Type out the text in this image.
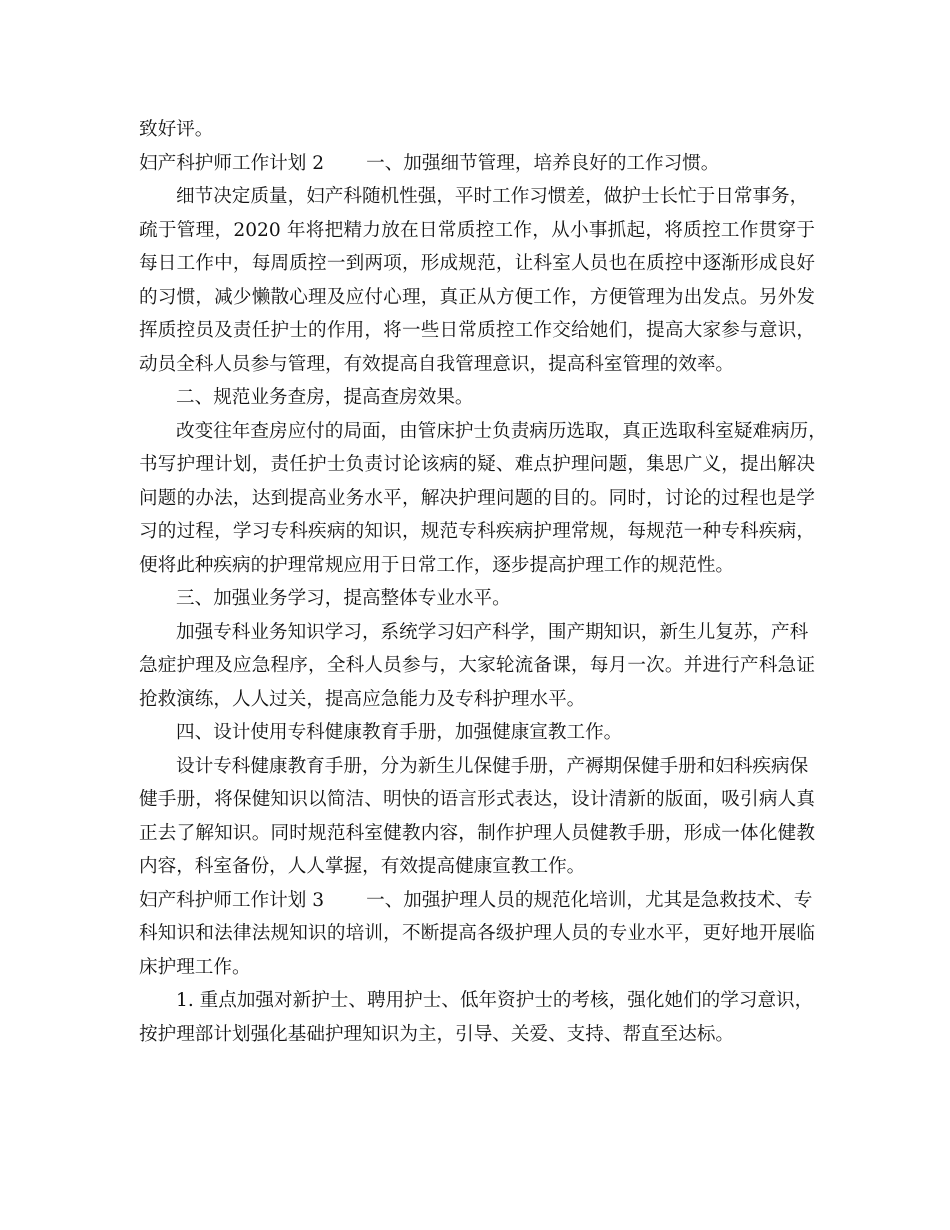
致好评。
妇产科护师工作计划 2 一、加强细节管理，培养良好的工作习惯。
细节决定质量，妇产科随机性强，平时工作习惯差，做护士长忙于日常事务，
疏于管理，2020 年将把精力放在日常质控工作，从小事抓起，将质控工作贯穿于
每日工作中，每周质控一到两项，形成规范，让科室人员也在质控中逐渐形成良好
的习惯，减少懒散心理及应付心理，真正从方便工作，方便管理为出发点。另外发
挥质控员及责任护士的作用，将一些日常质控工作交给她们，提高大家参与意识，
动员全科人员参与管理，有效提高自我管理意识，提高科室管理的效率。
二、规范业务查房，提高查房效果。
改变往年查房应付的局面，由管床护士负责病历选取，真正选取科室疑难病历，
书写护理计划，责任护士负责讨论该病的疑、难点护理问题，集思广义，提出解决
问题的办法，达到提高业务水平，解决护理问题的目的。同时，讨论的过程也是学
习的过程，学习专科疾病的知识，规范专科疾病护理常规，每规范一种专科疾病，
便将此种疾病的护理常规应用于日常工作，逐步提高护理工作的规范性。
三、加强业务学习，提高整体专业水平。
加强专科业务知识学习，系统学习妇产科学，围产期知识，新生儿复苏，产科
急症护理及应急程序，全科人员参与，大家轮流备课，每月一次。并进行产科急证
抢救演练，人人过关，提高应急能力及专科护理水平。
四、设计使用专科健康教育手册，加强健康宣教工作。
设计专科健康教育手册，分为新生儿保健手册，产褥期保健手册和妇科疾病保
健手册，将保健知识以简洁、明快的语言形式表达，设计清新的版面，吸引病人真
正去了解知识。同时规范科室健教内容，制作护理人员健教手册，形成一体化健教
内容，科室备份，人人掌握，有效提高健康宣教工作。
妇产科护师工作计划 3 一、加强护理人员的规范化培训，尤其是急救技术、专
科知识和法律法规知识的培训，不断提高各级护理人员的专业水平，更好地开展临
床护理工作。
1. 重点加强对新护士、聘用护士、低年资护士的考核，强化她们的学习意识，
按护理部计划强化基础护理知识为主，引导、关爱、支持、帮直至达标。
